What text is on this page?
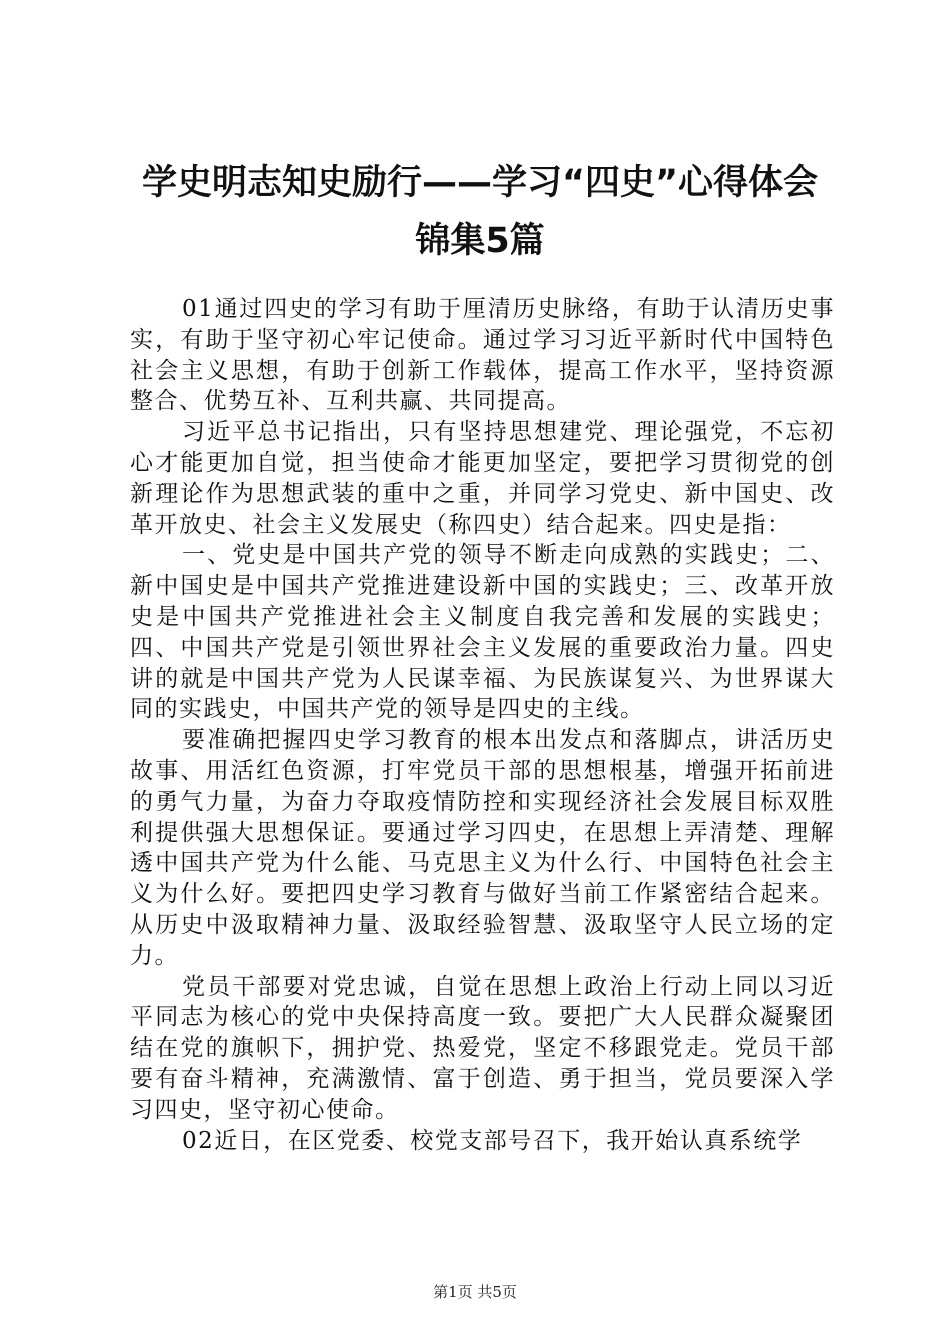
学史明志知史励行——学习“四史”心得体会
锦集5篇

01通过四史的学习有助于厘清历史脉络，有助于认清历史事实，有助于坚守初心牢记使命。通过学习习近平新时代中国特色社会主义思想，有助于创新工作载体，提高工作水平，坚持资源整合、优势互补、互利共赢、共同提高。

习近平总书记指出，只有坚持思想建党、理论强党，不忘初心才能更加自觉，担当使命才能更加坚定，要把学习贯彻党的创新理论作为思想武装的重中之重，并同学习党史、新中国史、改革开放史、社会主义发展史（称四史）结合起来。四史是指：

一、党史是中国共产党的领导不断走向成熟的实践史；二、新中国史是中国共产党推进建设新中国的实践史；三、改革开放史是中国共产党推进社会主义制度自我完善和发展的实践史；四、中国共产党是引领世界社会主义发展的重要政治力量。四史讲的就是中国共产党为人民谋幸福、为民族谋复兴、为世界谋大同的实践史，中国共产党的领导是四史的主线。

要准确把握四史学习教育的根本出发点和落脚点，讲活历史故事、用活红色资源，打牢党员干部的思想根基，增强开拓前进的勇气力量，为奋力夺取疫情防控和实现经济社会发展目标双胜利提供强大思想保证。要通过学习四史，在思想上弄清楚、理解透中国共产党为什么能、马克思主义为什么行、中国特色社会主义为什么好。要把四史学习教育与做好当前工作紧密结合起来。从历史中汲取精神力量、汲取经验智慧、汲取坚守人民立场的定力。

党员干部要对党忠诚，自觉在思想上政治上行动上同以习近平同志为核心的党中央保持高度一致。要把广大人民群众凝聚团结在党的旗帜下，拥护党、热爱党，坚定不移跟党走。党员干部要有奋斗精神，充满激情、富于创造、勇于担当，党员要深入学习四史，坚守初心使命。

02近日，在区党委、校党支部号召下，我开始认真系统学

第1页 共5页
